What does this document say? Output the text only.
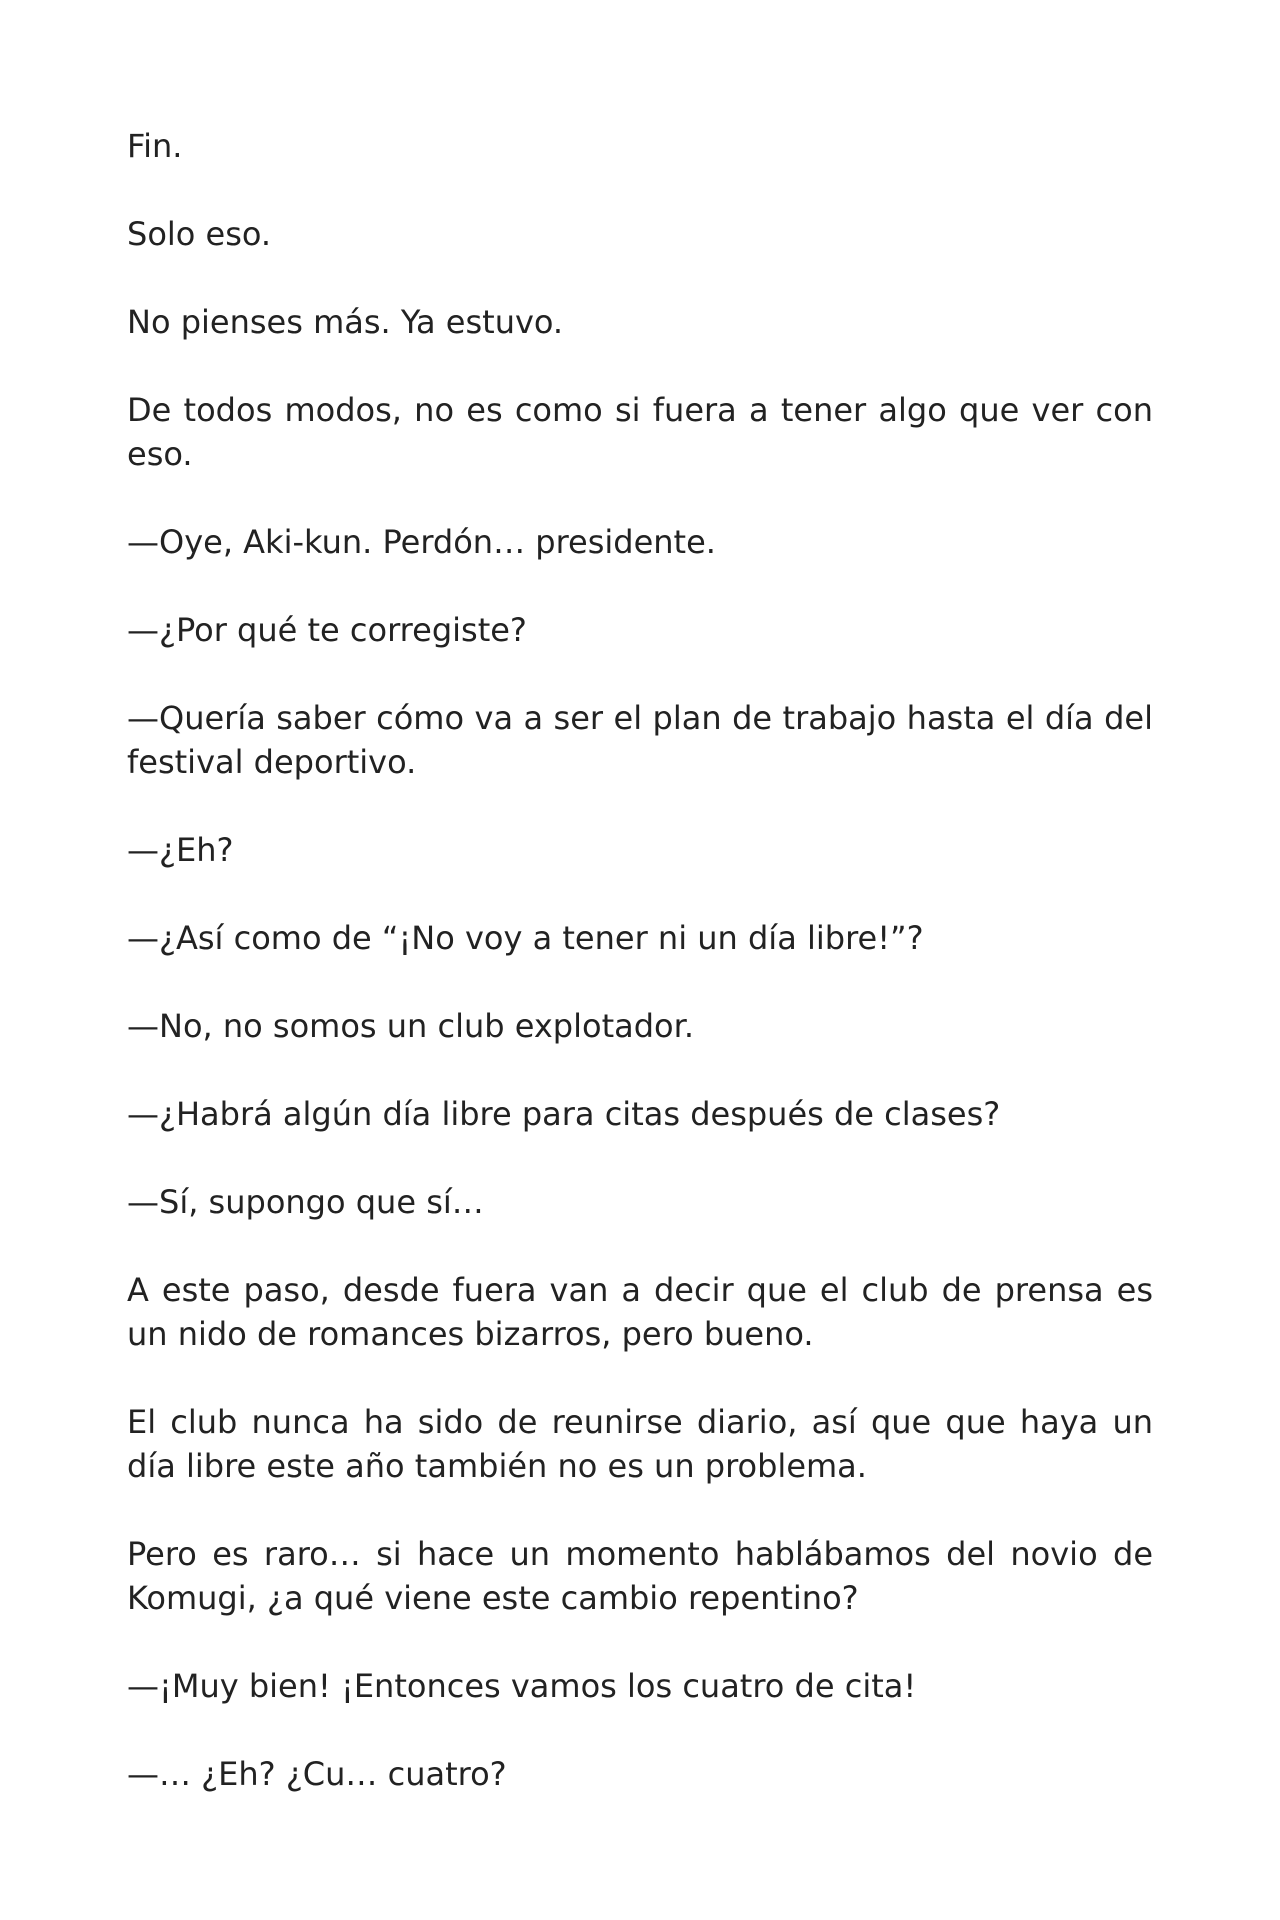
Fin.

Solo eso.

No pienses más. Ya estuvo.

De todos modos, no es como si fuera a tener algo que ver con eso.

—Oye, Aki-kun. Perdón… presidente.

—¿Por qué te corregiste?

—Quería saber cómo va a ser el plan de trabajo hasta el día del festival deportivo.

—¿Eh?

—¿Así como de “¡No voy a tener ni un día libre!”?

—No, no somos un club explotador.

—¿Habrá algún día libre para citas después de clases?

—Sí, supongo que sí…

A este paso, desde fuera van a decir que el club de prensa es un nido de romances bizarros, pero bueno.

El club nunca ha sido de reunirse diario, así que que haya un día libre este año también no es un problema.

Pero es raro… si hace un momento hablábamos del novio de Komugi, ¿a qué viene este cambio repentino?

—¡Muy bien! ¡Entonces vamos los cuatro de cita!

—… ¿Eh? ¿Cu… cuatro?
